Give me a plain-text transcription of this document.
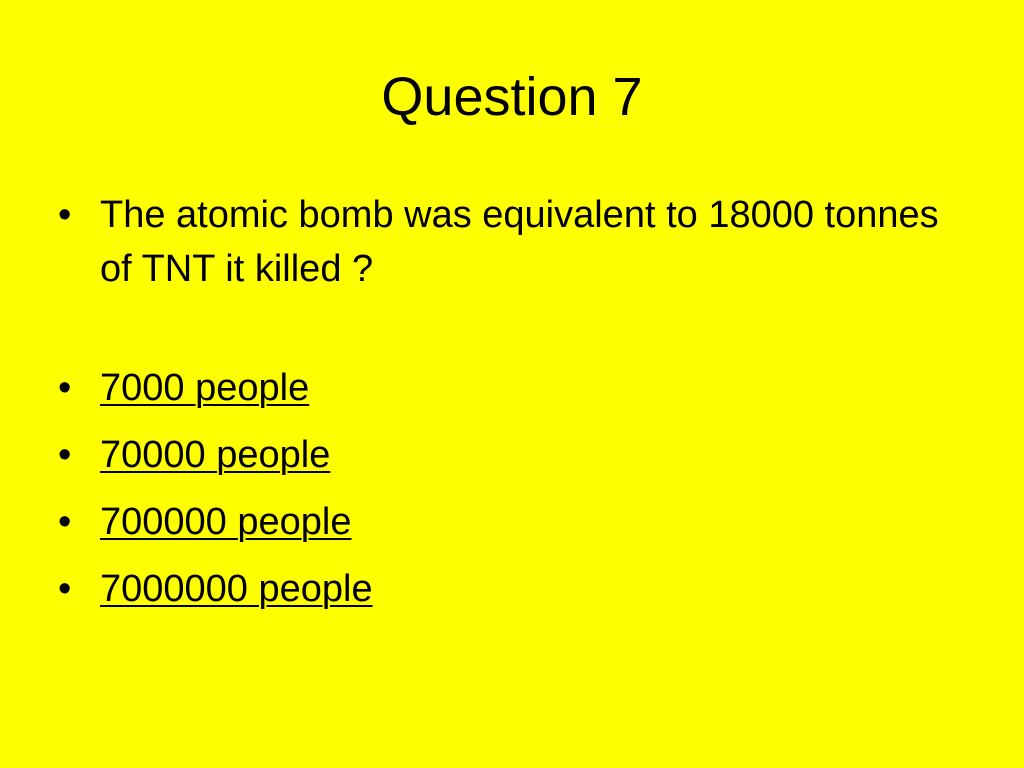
Question 7
• The atomic bomb was equivalent to 18000 tonnes of TNT it killed ?
• 7000 people
• 70000 people
• 700000 people
• 7000000 people
